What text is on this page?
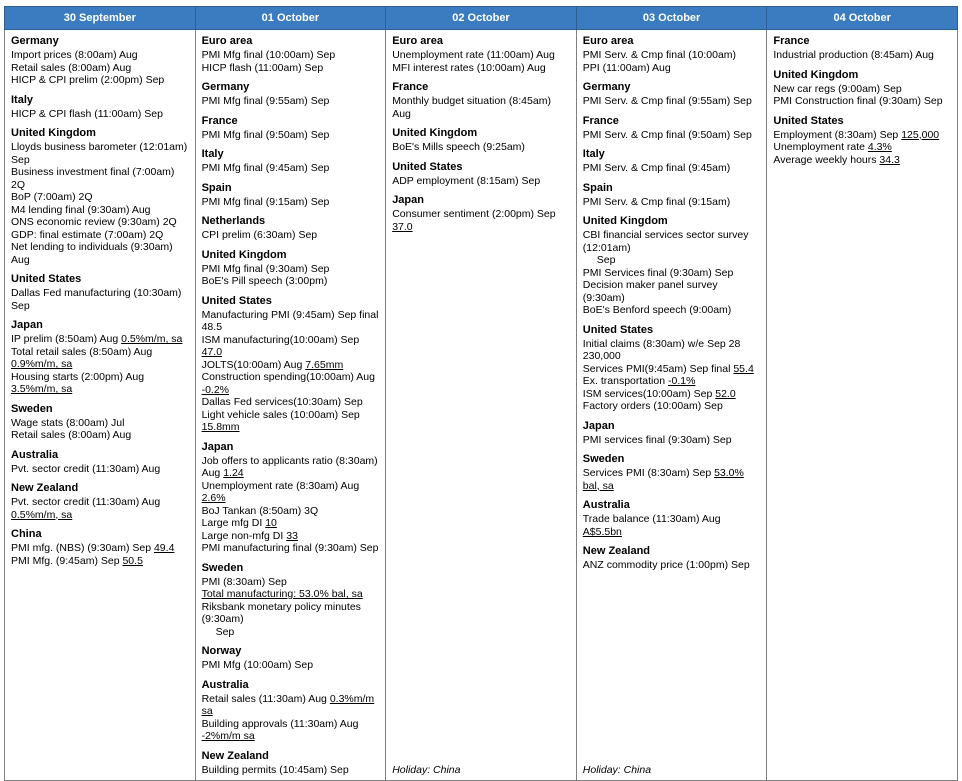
30 September	01 October	02 October	03 October	04 October

Germany
Import prices (8:00am) Aug
Retail sales (8:00am) Aug
HICP & CPI prelim (2:00pm) Sep
Italy
HICP & CPI flash (11:00am) Sep
United Kingdom
Lloyds business barometer (12:01am) Sep
Business investment final (7:00am) 2Q
BoP (7:00am) 2Q
M4 lending final (9:30am) Aug
ONS economic review (9:30am) 2Q
GDP: final estimate (7:00am) 2Q
Net lending to individuals (9:30am) Aug
United States
Dallas Fed manufacturing (10:30am) Sep
Japan
IP prelim (8:50am) Aug 0.5%m/m, sa
Total retail sales (8:50am) Aug 0.9%m/m, sa
Housing starts (2:00pm) Aug 3.5%m/m, sa
Sweden
Wage stats (8:00am) Jul
Retail sales (8:00am) Aug
Australia
Pvt. sector credit (11:30am) Aug
New Zealand
Pvt. sector credit (11:30am) Aug 0.5%m/m, sa
China
PMI mfg. (NBS) (9:30am) Sep 49.4
PMI Mfg. (9:45am) Sep 50.5

Euro area
PMI Mfg final (10:00am) Sep
HICP flash (11:00am) Sep
Germany
PMI Mfg final (9:55am) Sep
France
PMI Mfg final (9:50am) Sep
Italy
PMI Mfg final (9:45am) Sep
Spain
PMI Mfg final (9:15am) Sep
Netherlands
CPI prelim (6:30am) Sep
United Kingdom
PMI Mfg final (9:30am) Sep
BoE's Pill speech (3:00pm)
United States
Manufacturing PMI (9:45am) Sep final 48.5
ISM manufacturing(10:00am) Sep 47.0
JOLTS(10:00am) Aug 7.65mm
Construction spending(10:00am) Aug -0.2%
Dallas Fed services(10:30am) Sep
Light vehicle sales (10:00am) Sep 15.8mm
Japan
Job offers to applicants ratio (8:30am) Aug 1.24
Unemployment rate (8:30am) Aug 2.6%
BoJ Tankan (8:50am) 3Q
Large mfg DI 10
Large non-mfg DI 33
PMI manufacturing final (9:30am) Sep
Sweden
PMI (8:30am) Sep
Total manufacturing: 53.0% bal, sa
Riksbank monetary policy minutes (9:30am)
Sep
Norway
PMI Mfg (10:00am) Sep
Australia
Retail sales (11:30am) Aug 0.3%m/m sa
Building approvals (11:30am) Aug -2%m/m sa
New Zealand
Building permits (10:45am) Sep

Euro area
Unemployment rate (11:00am) Aug
MFI interest rates (10:00am) Aug
France
Monthly budget situation (8:45am) Aug
United Kingdom
BoE's Mills speech (9:25am)
United States
ADP employment (8:15am) Sep
Japan
Consumer sentiment (2:00pm) Sep 37.0
Holiday: China

Euro area
PMI Serv. & Cmp final (10:00am)
PPI (11:00am) Aug
Germany
PMI Serv. & Cmp final (9:55am) Sep
France
PMI Serv. & Cmp final (9:50am) Sep
Italy
PMI Serv. & Cmp final (9:45am)
Spain
PMI Serv. & Cmp final (9:15am)
United Kingdom
CBI financial services sector survey (12:01am)
Sep
PMI Services final (9:30am) Sep
Decision maker panel survey (9:30am)
BoE's Benford speech (9:00am)
United States
Initial claims (8:30am) w/e Sep 28 230,000
Services PMI(9:45am) Sep final 55.4
Ex. transportation -0.1%
ISM services(10:00am) Sep 52.0
Factory orders (10:00am) Sep
Japan
PMI services final (9:30am) Sep
Sweden
Services PMI (8:30am) Sep 53.0% bal, sa
Australia
Trade balance (11:30am) Aug A$5.5bn
New Zealand
ANZ commodity price (1:00pm) Sep
Holiday: China

France
Industrial production (8:45am) Aug
United Kingdom
New car regs (9:00am) Sep
PMI Construction final (9:30am) Sep
United States
Employment (8:30am) Sep 125,000
Unemployment rate 4.3%
Average weekly hours 34.3
